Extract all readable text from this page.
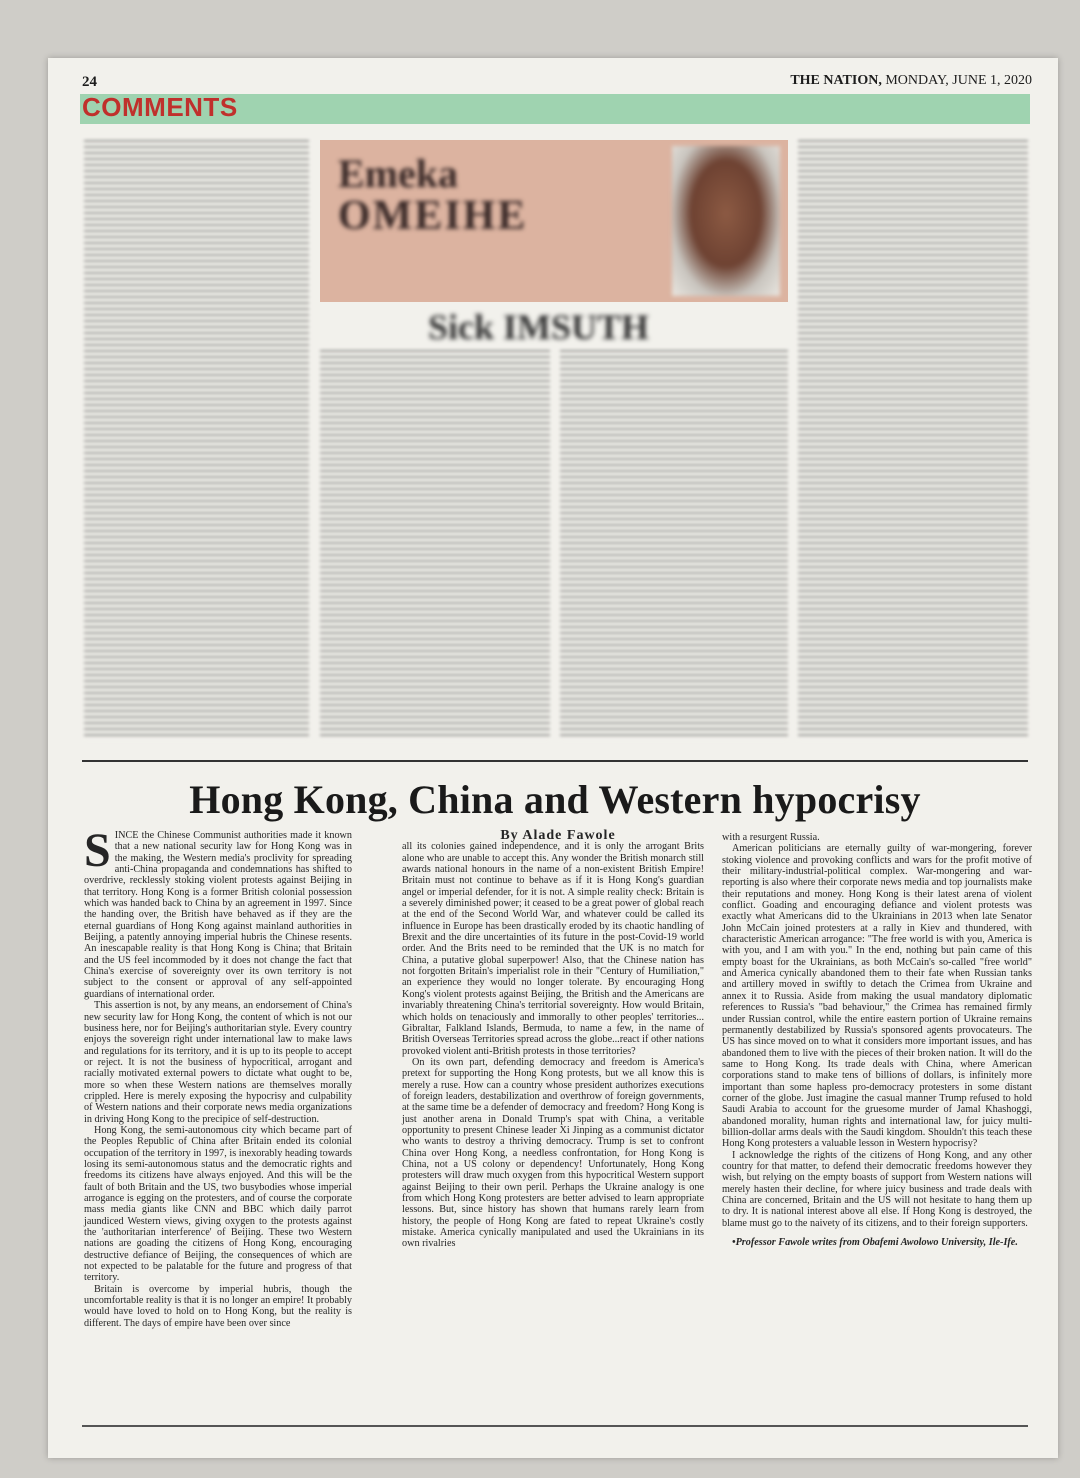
24	THE NATION, MONDAY, JUNE 1, 2020
COMMENTS
Emeka
OMEIHE
Sick IMSUTH
Hong Kong, China and Western hypocrisy

SINCE the Chinese Communist authorities made it known that a new national security law for Hong Kong was in the making, the Western media's proclivity for spreading anti-China propaganda and condemnations has shifted to overdrive, recklessly stoking violent protests against Beijing in that territory. Hong Kong is a former British colonial possession which was handed back to China by an agreement in 1997. Since the handing over, the British have behaved as if they are the eternal guardians of Hong Kong against mainland authorities in Beijing, a patently annoying imperial hubris the Chinese resents. An inescapable reality is that Hong Kong is China; that Britain and the US feel incommoded by it does not change the fact that China's exercise of sovereignty over its own territory is not subject to the consent or approval of any self-appointed guardians of international order.

This assertion is not, by any means, an endorsement of China's new security law for Hong Kong, the content of which is not our business here, nor for Beijing's authoritarian style. Every country enjoys the sovereign right under international law to make laws and regulations for its territory, and it is up to its people to accept or reject. It is not the business of hypocritical, arrogant and racially motivated external powers to dictate what ought to be, more so when these Western nations are themselves morally crippled. Here is merely exposing the hypocrisy and culpability of Western nations and their corporate news media organizations in driving Hong Kong to the precipice of self-destruction.

Hong Kong, the semi-autonomous city which became part of the Peoples Republic of China after Britain ended its colonial occupation of the territory in 1997, is inexorably heading towards losing its semi-autonomous status and the democratic rights and freedoms its citizens have always enjoyed. And this will be the fault of both Britain and the US, two busybodies whose imperial arrogance is egging on the protesters, and of course the corporate mass media giants like CNN and BBC which daily parrot jaundiced Western views, giving oxygen to the protests against the 'authoritarian interference' of Beijing. These two Western nations are goading the citizens of Hong Kong, encouraging destructive defiance of Beijing, the consequences of which are not expected to be palatable for the future and progress of that territory.

Britain is overcome by imperial hubris, though the uncomfortable reality is that it is no longer an empire! It probably would have loved to hold on to Hong Kong, but the reality is different. The days of empire have been over since

By Alade Fawole

all its colonies gained independence, and it is only the arrogant Brits alone who are unable to accept this. Any wonder the British monarch still awards national honours in the name of a non-existent British Empire! Britain must not continue to behave as if it is Hong Kong's guardian angel or imperial defender, for it is not. A simple reality check: Britain is a severely diminished power; it ceased to be a great power of global reach at the end of the Second World War, and whatever could be called its influence in Europe has been drastically eroded by its chaotic handling of Brexit and the dire uncertainties of its future in the post-Covid-19 world order. And the Brits need to be reminded that the UK is no match for China, a putative global superpower! Also, that the Chinese nation has not forgotten Britain's imperialist role in their "Century of Humiliation," an experience they would no longer tolerate. By encouraging Hong Kong's violent protests against Beijing, the British and the Americans are invariably threatening China's territorial sovereignty. How would Britain, which holds on tenaciously and immorally to other peoples' territories... Gibraltar, Falkland Islands, Bermuda, to name a few, in the name of British Overseas Territories spread across the globe...react if other nations provoked violent anti-British protests in those territories?

On its own part, defending democracy and freedom is America's pretext for supporting the Hong Kong protests, but we all know this is merely a ruse. How can a country whose president authorizes executions of foreign leaders, destabilization and overthrow of foreign governments, at the same time be a defender of democracy and freedom? Hong Kong is just another arena in Donald Trump's spat with China, a veritable opportunity to present Chinese leader Xi Jinping as a communist dictator who wants to destroy a thriving democracy. Trump is set to confront China over Hong Kong, a needless confrontation, for Hong Kong is China, not a US colony or dependency! Unfortunately, Hong Kong protesters will draw much oxygen from this hypocritical Western support against Beijing to their own peril. Perhaps the Ukraine analogy is one from which Hong Kong protesters are better advised to learn appropriate lessons. But, since history has shown that humans rarely learn from history, the people of Hong Kong are fated to repeat Ukraine's costly mistake. America cynically manipulated and used the Ukrainians in its own rivalries

with a resurgent Russia.

American politicians are eternally guilty of war-mongering, forever stoking violence and provoking conflicts and wars for the profit motive of their military-industrial-political complex. War-mongering and war-reporting is also where their corporate news media and top journalists make their reputations and money. Hong Kong is their latest arena of violent conflict. Goading and encouraging defiance and violent protests was exactly what Americans did to the Ukrainians in 2013 when late Senator John McCain joined protesters at a rally in Kiev and thundered, with characteristic American arrogance: "The free world is with you, America is with you, and I am with you." In the end, nothing but pain came of this empty boast for the Ukrainians, as both McCain's so-called "free world" and America cynically abandoned them to their fate when Russian tanks and artillery moved in swiftly to detach the Crimea from Ukraine and annex it to Russia. Aside from making the usual mandatory diplomatic references to Russia's "bad behaviour," the Crimea has remained firmly under Russian control, while the entire eastern portion of Ukraine remains permanently destabilized by Russia's sponsored agents provocateurs. The US has since moved on to what it considers more important issues, and has abandoned them to live with the pieces of their broken nation. It will do the same to Hong Kong. Its trade deals with China, where American corporations stand to make tens of billions of dollars, is infinitely more important than some hapless pro-democracy protesters in some distant corner of the globe. Just imagine the casual manner Trump refused to hold Saudi Arabia to account for the gruesome murder of Jamal Khashoggi, abandoned morality, human rights and international law, for juicy multi-billion-dollar arms deals with the Saudi kingdom. Shouldn't this teach these Hong Kong protesters a valuable lesson in Western hypocrisy?

I acknowledge the rights of the citizens of Hong Kong, and any other country for that matter, to defend their democratic freedoms however they wish, but relying on the empty boasts of support from Western nations will merely hasten their decline, for where juicy business and trade deals with China are concerned, Britain and the US will not hesitate to hang them up to dry. It is national interest above all else. If Hong Kong is destroyed, the blame must go to the naivety of its citizens, and to their foreign supporters.

•Professor Fawole writes from Obafemi Awolowo University, Ile-Ife.
